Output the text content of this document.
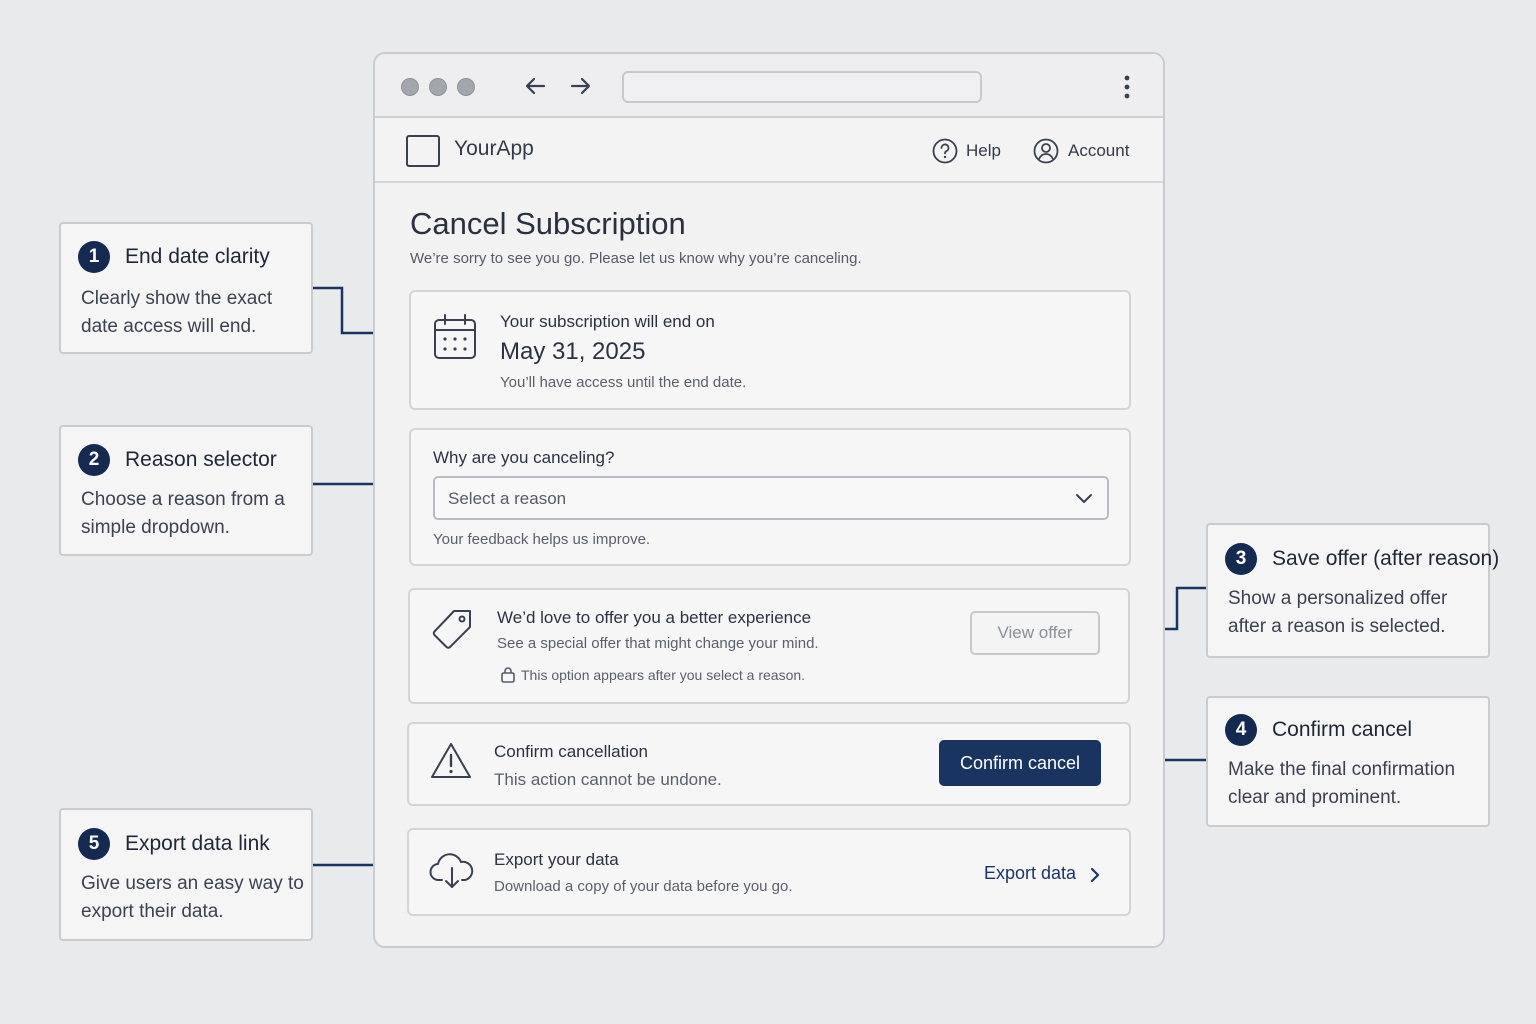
YourApp	Help	Account
Cancel Subscription
We’re sorry to see you go. Please let us know why you’re canceling.
Your subscription will end on
May 31, 2025
You’ll have access until the end date.
Why are you canceling?
Select a reason
Your feedback helps us improve.
We’d love to offer you a better experience
See a special offer that might change your mind.
This option appears after you select a reason.
View offer
Confirm cancellation
This action cannot be undone.
Confirm cancel
Export your data
Download a copy of your data before you go.
Export data
1	End date clarity
Clearly show the exact date access will end.
2	Reason selector
Choose a reason from a simple dropdown.
3	Save offer (after reason)
Show a personalized offer after a reason is selected.
4	Confirm cancel
Make the final confirmation clear and prominent.
5	Export data link
Give users an easy way to export their data.
